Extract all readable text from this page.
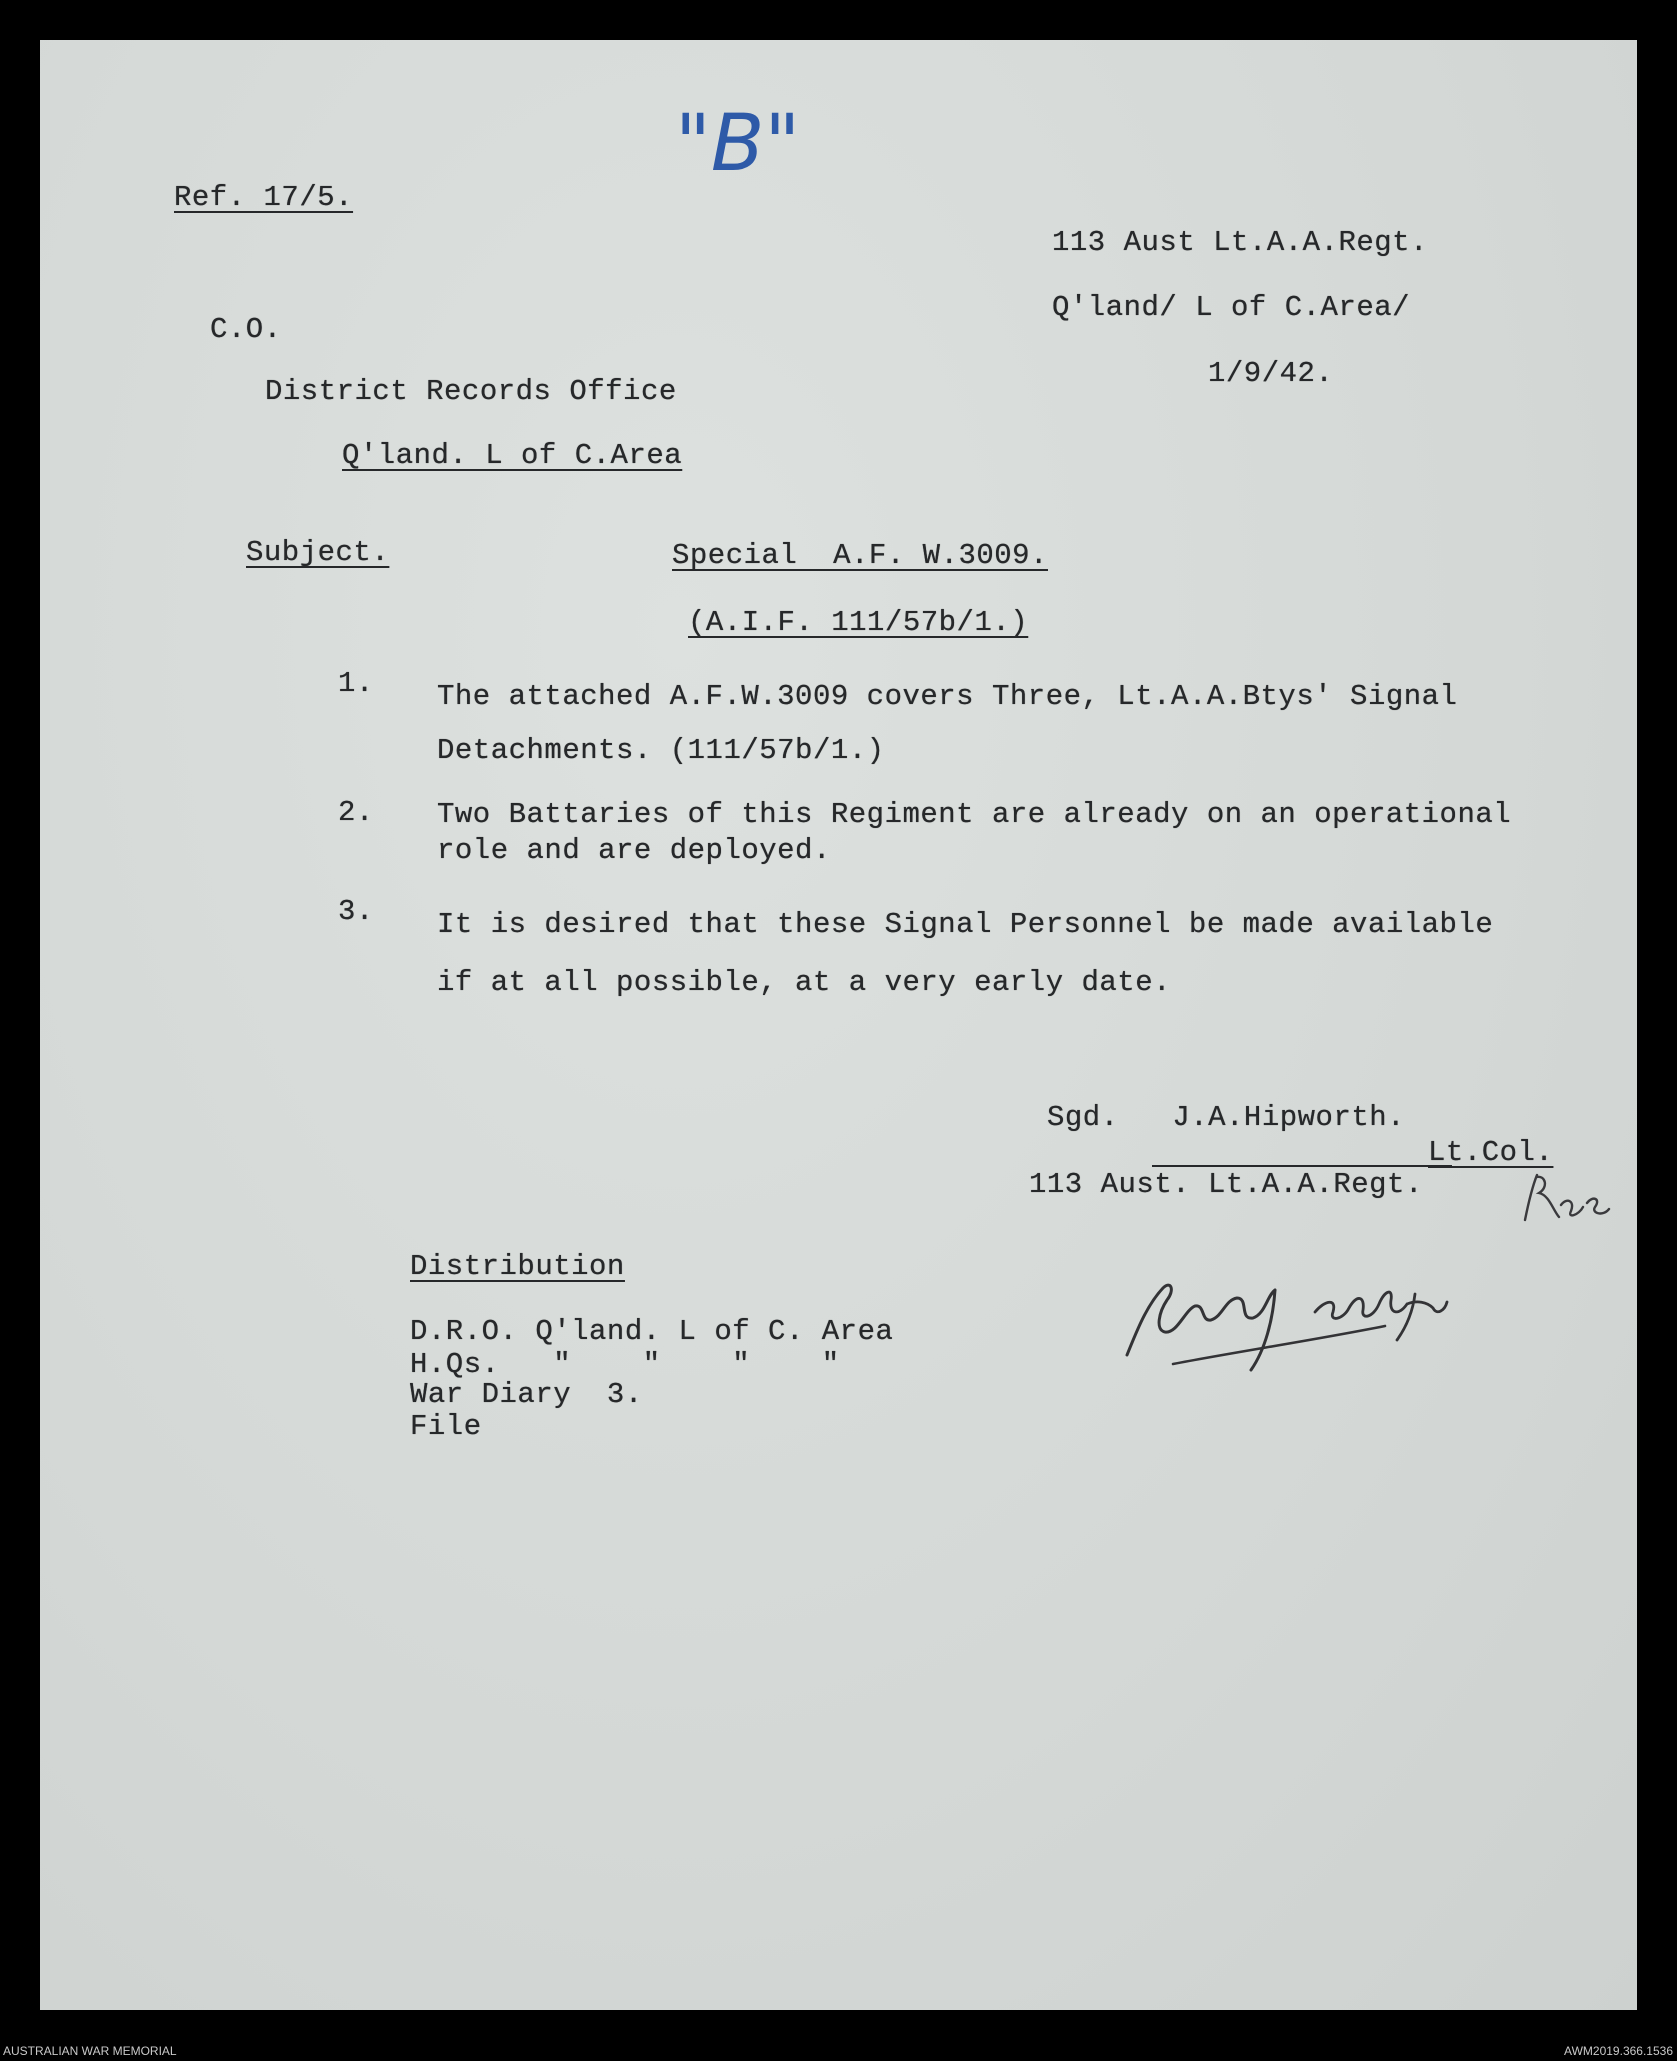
"B"
Ref. 17/5.
113 Aust Lt.A.A.Regt.
Q'land/ L of C.Area/
1/9/42.
C.O.
District Records Office
Q'land. L of C.Area
Subject.	Special  A.F. W.3009.
(A.I.F. 111/57b/1.)
1. The attached A.F.W.3009 covers Three, Lt.A.A.Btys' Signal
Detachments. (111/57b/1.)
2. Two Battaries of this Regiment are already on an operational
role and are deployed.
3. It is desired that these Signal Personnel be made available
if at all possible, at a very early date.
Sgd.   J.A.Hipworth.
Lt.Col.
113 Aust. Lt.A.A.Regt.
Distribution
D.R.O. Q'land. L of C. Area
H.Qs.   "    "    "    "
War Diary  3.
File
AUSTRALIAN WAR MEMORIAL	AWM2019.366.1536
